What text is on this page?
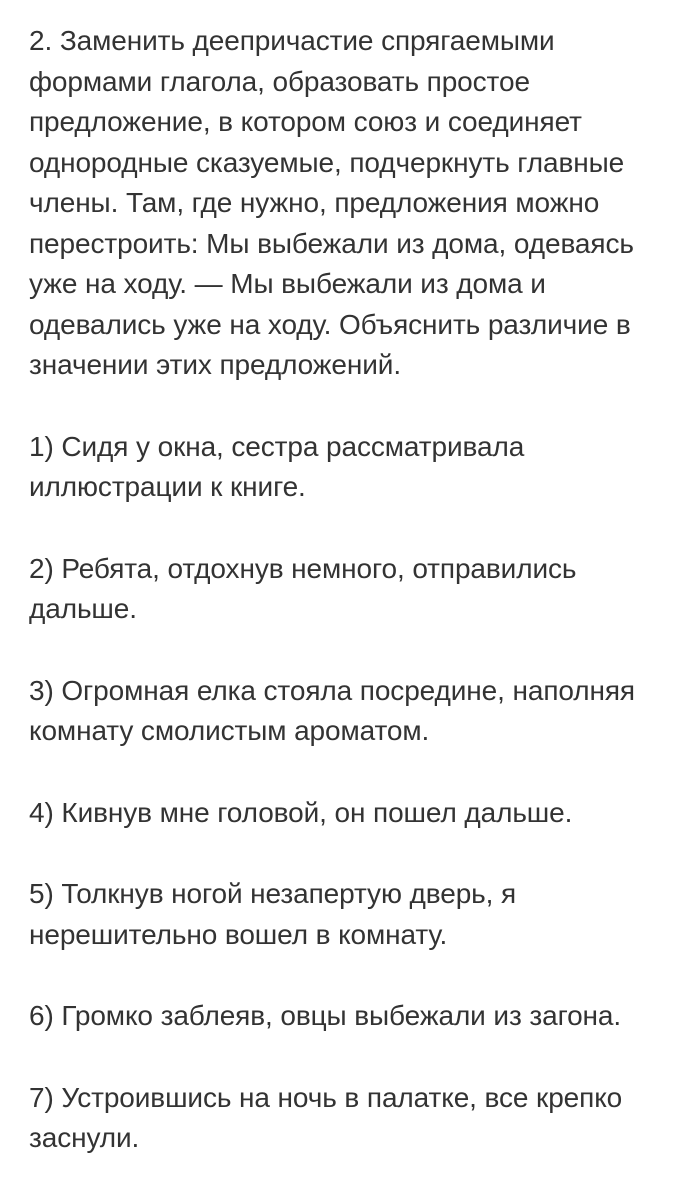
2. Заменить деепричастие спрягаемыми
формами глагола, образовать простое
предложение, в котором союз и соединяет
однородные сказуемые, подчеркнуть главные
члены. Там, где нужно, предложения можно
перестроить: Мы выбежали из дома, одеваясь
уже на ходу. — Мы выбежали из дома и
одевались уже на ходу. Объяснить различие в
значении этих предложений.
1) Сидя у окна, сестра рассматривала
иллюстрации к книге.
2) Ребята, отдохнув немного, отправились
дальше.
3) Огромная елка стояла посредине, наполняя
комнату смолистым ароматом.
4) Кивнув мне головой, он пошел дальше.
5) Толкнув ногой незапертую дверь, я
нерешительно вошел в комнату.
6) Громко заблеяв, овцы выбежали из загона.
7) Устроившись на ночь в палатке, все крепко
заснули.
